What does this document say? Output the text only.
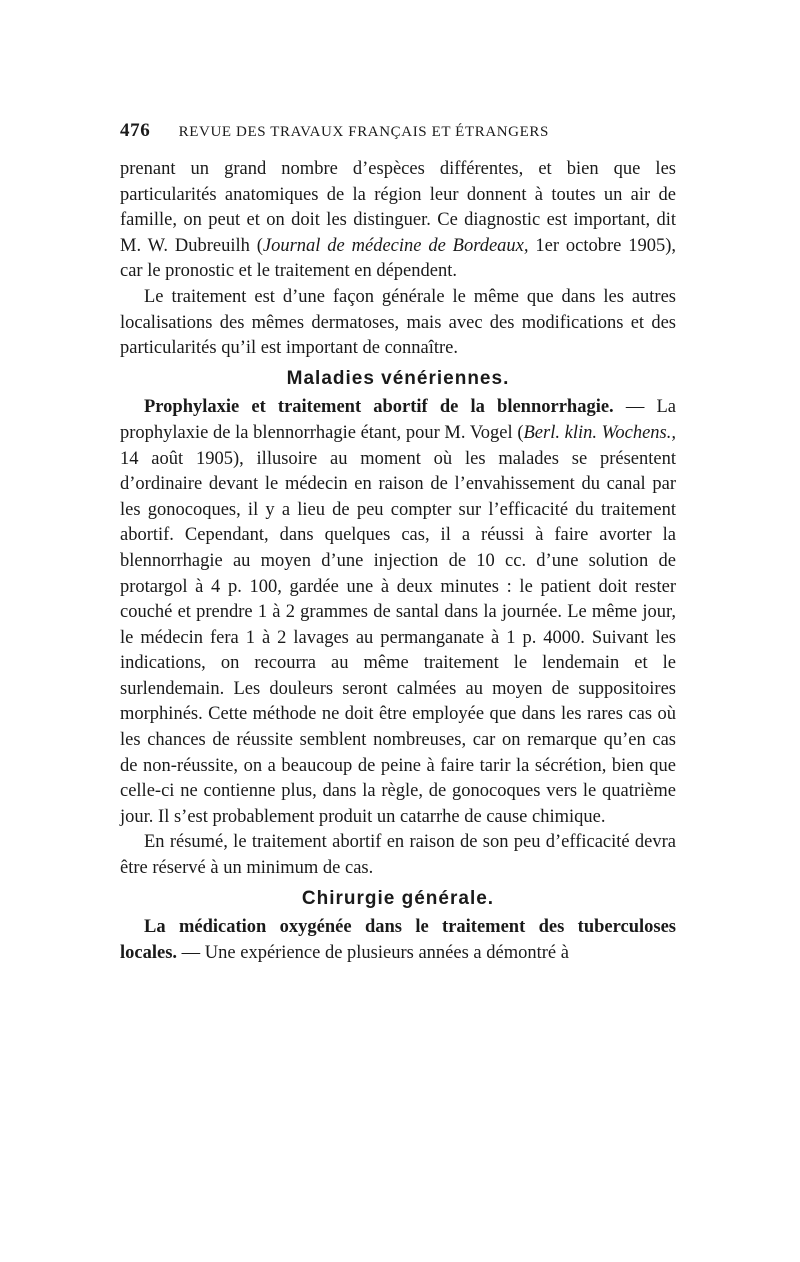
476 REVUE DES TRAVAUX FRANÇAIS ET ÉTRANGERS

prenant un grand nombre d’espèces différentes, et bien que les particularités anatomiques de la région leur donnent à toutes un air de famille, on peut et on doit les distinguer. Ce diagnostic est important, dit M. W. Dubreuilh (Journal de médecine de Bordeaux, 1er octobre 1905), car le pronostic et le traitement en dépendent.

Le traitement est d’une façon générale le même que dans les autres localisations des mêmes dermatoses, mais avec des modifications et des particularités qu’il est important de connaître.

Maladies vénériennes.

Prophylaxie et traitement abortif de la blennorrhagie. — La prophylaxie de la blennorrhagie étant, pour M. Vogel (Berl. klin. Wochens., 14 août 1905), illusoire au moment où les malades se présentent d’ordinaire devant le médecin en raison de l’envahissement du canal par les gonocoques, il y a lieu de peu compter sur l’efficacité du traitement abortif. Cependant, dans quelques cas, il a réussi à faire avorter la blennorrhagie au moyen d’une injection de 10 cc. d’une solution de protargol à 4 p. 100, gardée une à deux minutes : le patient doit rester couché et prendre 1 à 2 grammes de santal dans la journée. Le même jour, le médecin fera 1 à 2 lavages au permanganate à 1 p. 4000. Suivant les indications, on recourra au même traitement le lendemain et le surlendemain. Les douleurs seront calmées au moyen de suppositoires morphinés. Cette méthode ne doit être employée que dans les rares cas où les chances de réussite semblent nombreuses, car on remarque qu’en cas de non-réussite, on a beaucoup de peine à faire tarir la sécrétion, bien que celle-ci ne contienne plus, dans la règle, de gonocoques vers le quatrième jour. Il s’est probablement produit un catarrhe de cause chimique.

En résumé, le traitement abortif en raison de son peu d’efficacité devra être réservé à un minimum de cas.

Chirurgie générale.

La médication oxygénée dans le traitement des tuberculoses locales. — Une expérience de plusieurs années a démontré à
